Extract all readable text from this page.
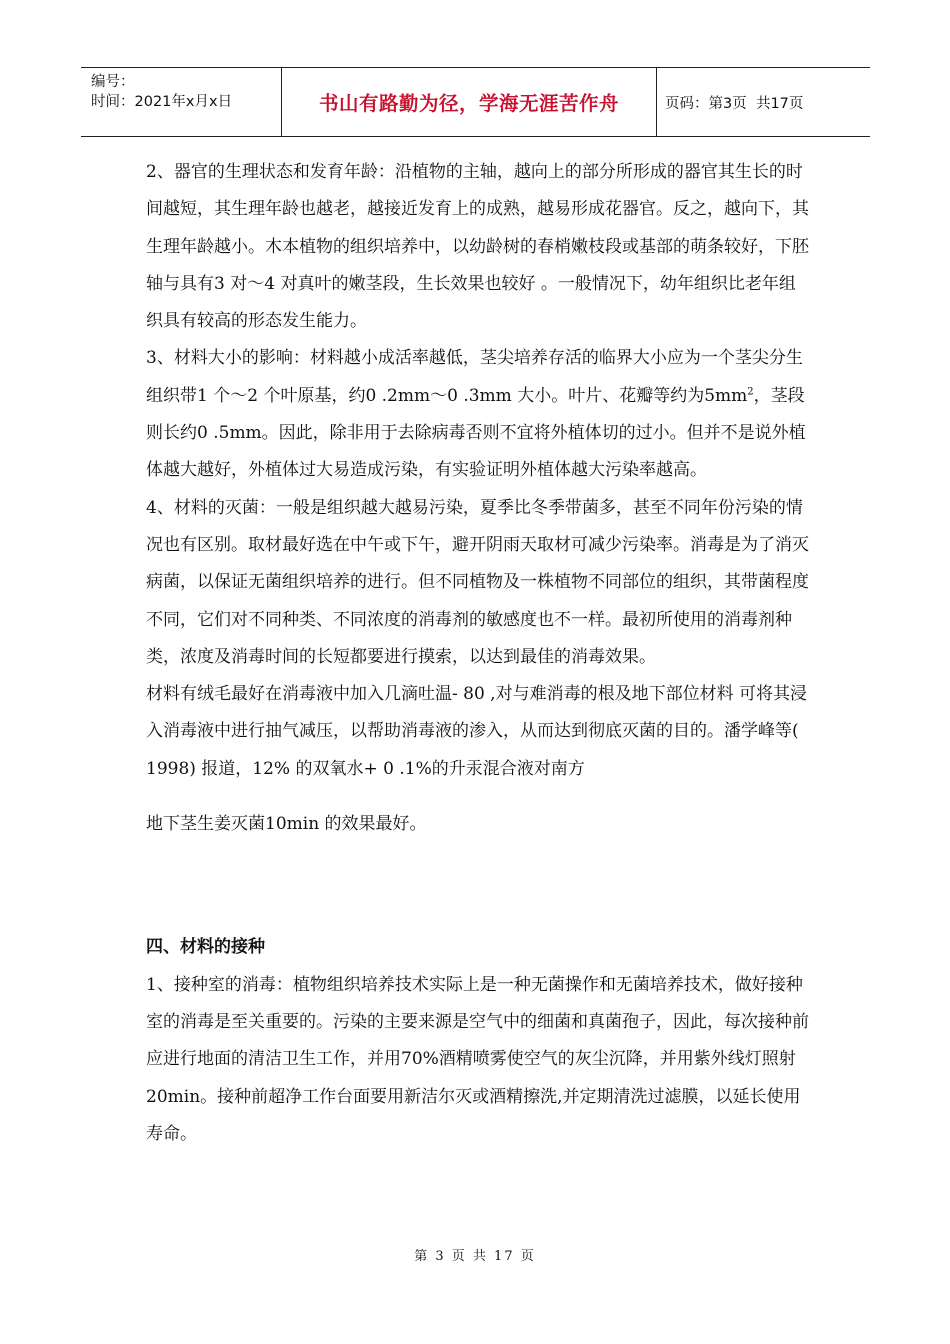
编号：
时间：2021年x月x日	书山有路勤为径，学海无涯苦作舟	页码：第3页  共17页

2、器官的生理状态和发育年龄：沿植物的主轴，越向上的部分所形成的器官其生长的时间越短，其生理年龄也越老，越接近发育上的成熟，越易形成花器官。反之，越向下，其生理年龄越小。木本植物的组织培养中，以幼龄树的春梢嫩枝段或基部的萌条较好，下胚轴与具有3 对～4 对真叶的嫩茎段，生长效果也较好 。一般情况下，幼年组织比老年组织具有较高的形态发生能力。

3、材料大小的影响：材料越小成活率越低，茎尖培养存活的临界大小应为一个茎尖分生组织带1 个～2 个叶原基，约0 .2mm～0 .3mm 大小。叶片、花瓣等约为$5mm^2$，茎段则长约0 .5mm。因此，除非用于去除病毒否则不宜将外植体切的过小。但并不是说外植体越大越好，外植体过大易造成污染，有实验证明外植体越大污染率越高。

4、材料的灭菌：一般是组织越大越易污染，夏季比冬季带菌多，甚至不同年份污染的情况也有区别。取材最好选在中午或下午，避开阴雨天取材可减少污染率。消毒是为了消灭病菌，以保证无菌组织培养的进行。但不同植物及一株植物不同部位的组织，其带菌程度不同，它们对不同种类、不同浓度的消毒剂的敏感度也不一样。最初所使用的消毒剂种类，浓度及消毒时间的长短都要进行摸索，以达到最佳的消毒效果。

材料有绒毛最好在消毒液中加入几滴吐温- 80 ,对与难消毒的根及地下部位材料 可将其浸入消毒液中进行抽气减压，以帮助消毒液的渗入，从而达到彻底灭菌的目的。潘学峰等( 1998) 报道，12% 的双氧水+ 0 .1%的升汞混合液对南方

地下茎生姜灭菌10min 的效果最好。

四、材料的接种

1、接种室的消毒：植物组织培养技术实际上是一种无菌操作和无菌培养技术，做好接种室的消毒是至关重要的。污染的主要来源是空气中的细菌和真菌孢子，因此，每次接种前应进行地面的清洁卫生工作，并用70%酒精喷雾使空气的灰尘沉降，并用紫外线灯照射20min。接种前超净工作台面要用新洁尔灭或酒精擦洗,并定期清洗过滤膜，以延长使用寿命。

第 3 页 共 17 页
